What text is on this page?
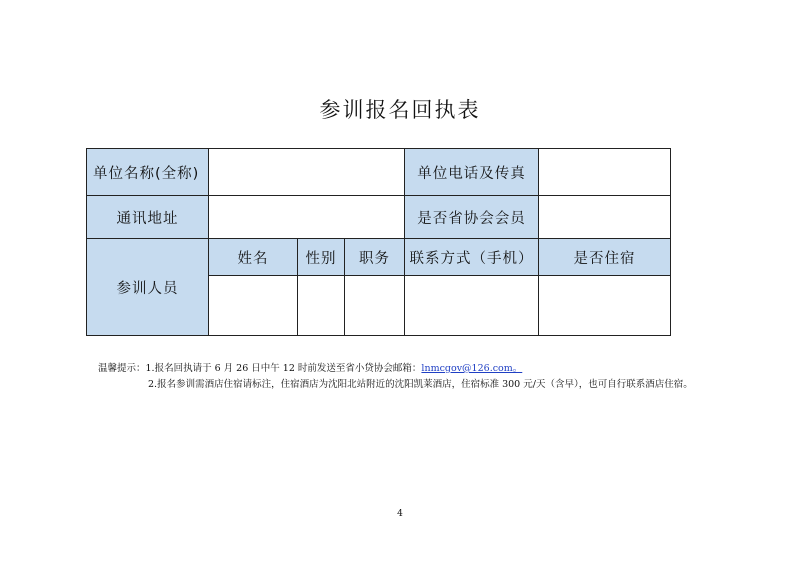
参训报名回执表
单位名称(全称)				单位电话及传真	
通讯地址				是否省协会会员	
参训人员	姓名	性别	职务	联系方式（手机）	是否住宿

温馨提示：1.报名回执请于 6 月 26 日中午 12 时前发送至省小贷协会邮箱：lnmcgov@126.com。
2.报名参训需酒店住宿请标注，住宿酒店为沈阳北站附近的沈阳凯莱酒店，住宿标准 300 元/天（含早），也可自行联系酒店住宿。
4
